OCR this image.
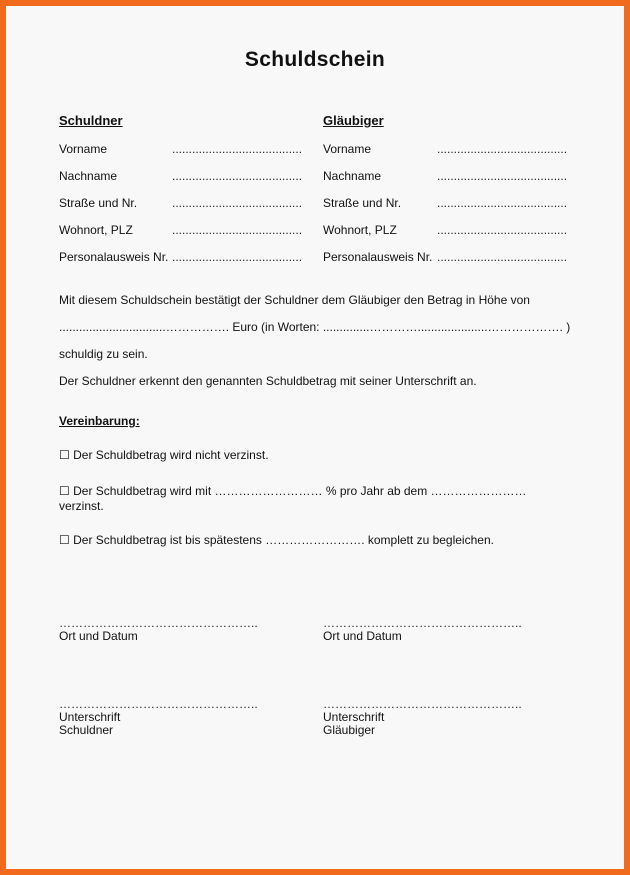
Schuldschein
Schuldner
Vorname	.......................................
Nachname	.......................................
Straße und Nr.	.......................................
Wohnort, PLZ	.......................................
Personalausweis Nr. .......................................
Gläubiger
Vorname	.......................................
Nachname	.......................................
Straße und Nr.	.......................................
Wohnort, PLZ	.......................................
Personalausweis Nr. .......................................
Mit diesem Schuldschein bestätigt der Schuldner dem Gläubiger den Betrag in Höhe von
................................……………. Euro (in Worten: ..............………….....................………………. )
schuldig zu sein.
Der Schuldner erkennt den genannten Schuldbetrag mit seiner Unterschrift an.
Vereinbarung:
☐ Der Schuldbetrag wird nicht verzinst.
☐ Der Schuldbetrag wird mit ……………………… % pro Jahr ab dem ……………………
verzinst.
☐ Der Schuldbetrag ist bis spätestens ……………………. komplett zu begleichen.
…………………………………………..
Ort und Datum
…………………………………………..
Ort und Datum
…………………………………………..
Unterschrift
Schuldner
…………………………………………..
Unterschrift
Gläubiger
